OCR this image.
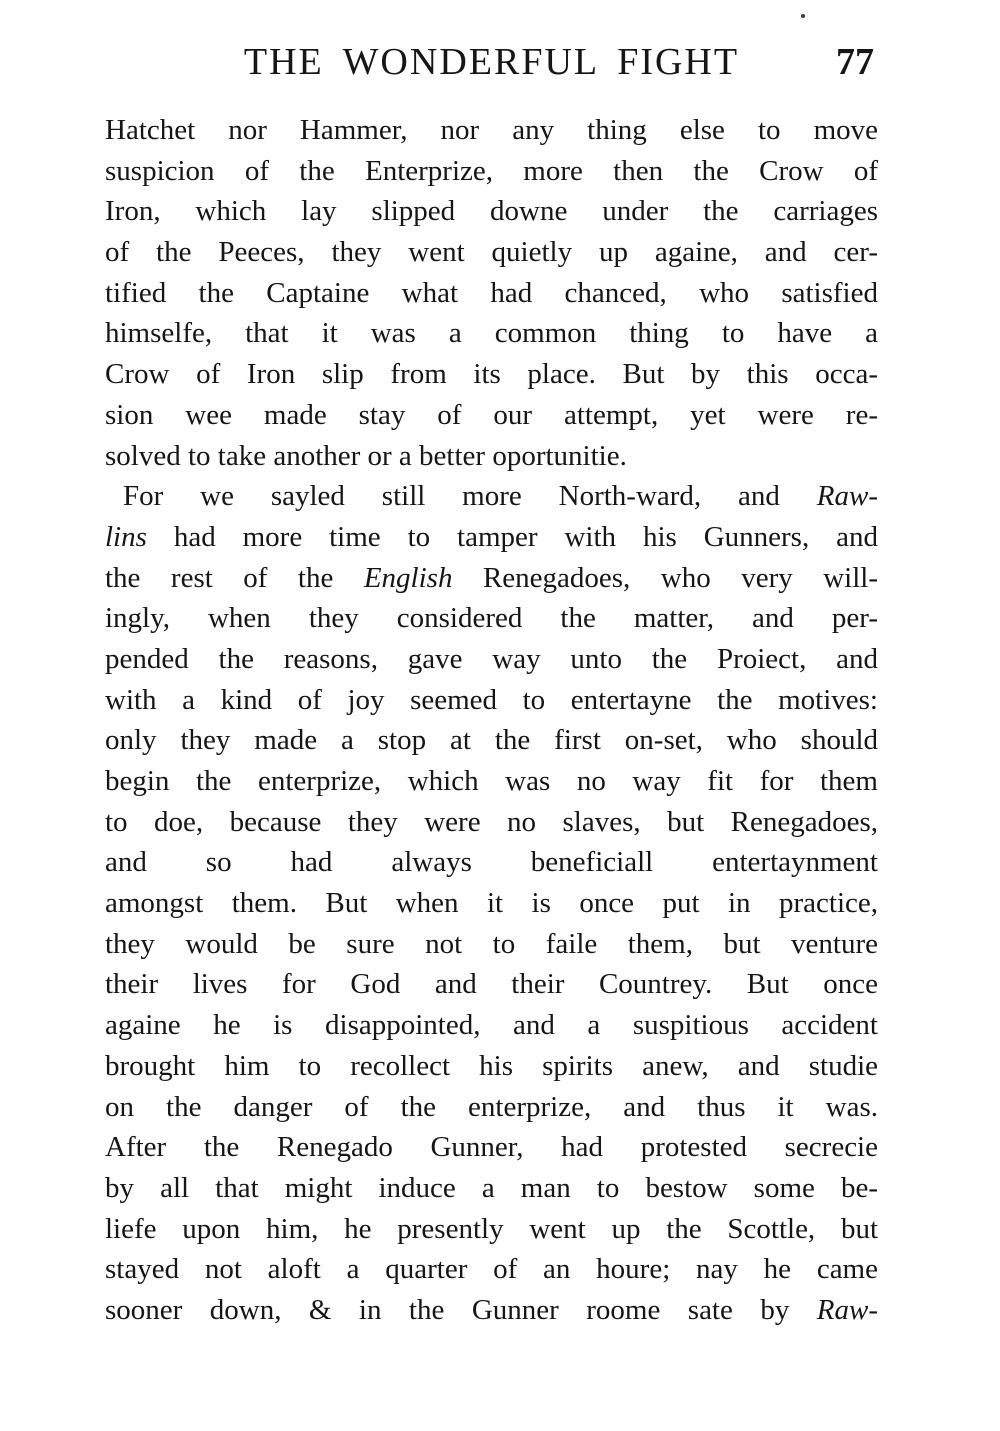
THE WONDERFUL FIGHT	77
Hatchet nor Hammer, nor any thing else to move
suspicion of the Enterprize, more then the Crow of
Iron, which lay slipped downe under the carriages
of the Peeces, they went quietly up againe, and cer-
tified the Captaine what had chanced, who satisfied
himselfe, that it was a common thing to have a
Crow of Iron slip from its place. But by this occa-
sion wee made stay of our attempt, yet were re-
solved to take another or a better oportunitie.
For we sayled still more North-ward, and Raw-
lins had more time to tamper with his Gunners, and
the rest of the English Renegadoes, who very will-
ingly, when they considered the matter, and per-
pended the reasons, gave way unto the Proiect, and
with a kind of joy seemed to entertayne the motives:
only they made a stop at the first on-set, who should
begin the enterprize, which was no way fit for them
to doe, because they were no slaves, but Renegadoes,
and so had always beneficiall entertaynment
amongst them. But when it is once put in practice,
they would be sure not to faile them, but venture
their lives for God and their Countrey. But once
againe he is disappointed, and a suspitious accident
brought him to recollect his spirits anew, and studie
on the danger of the enterprize, and thus it was.
After the Renegado Gunner, had protested secrecie
by all that might induce a man to bestow some be-
liefe upon him, he presently went up the Scottle, but
stayed not aloft a quarter of an houre; nay he came
sooner down, & in the Gunner roome sate by Raw-
